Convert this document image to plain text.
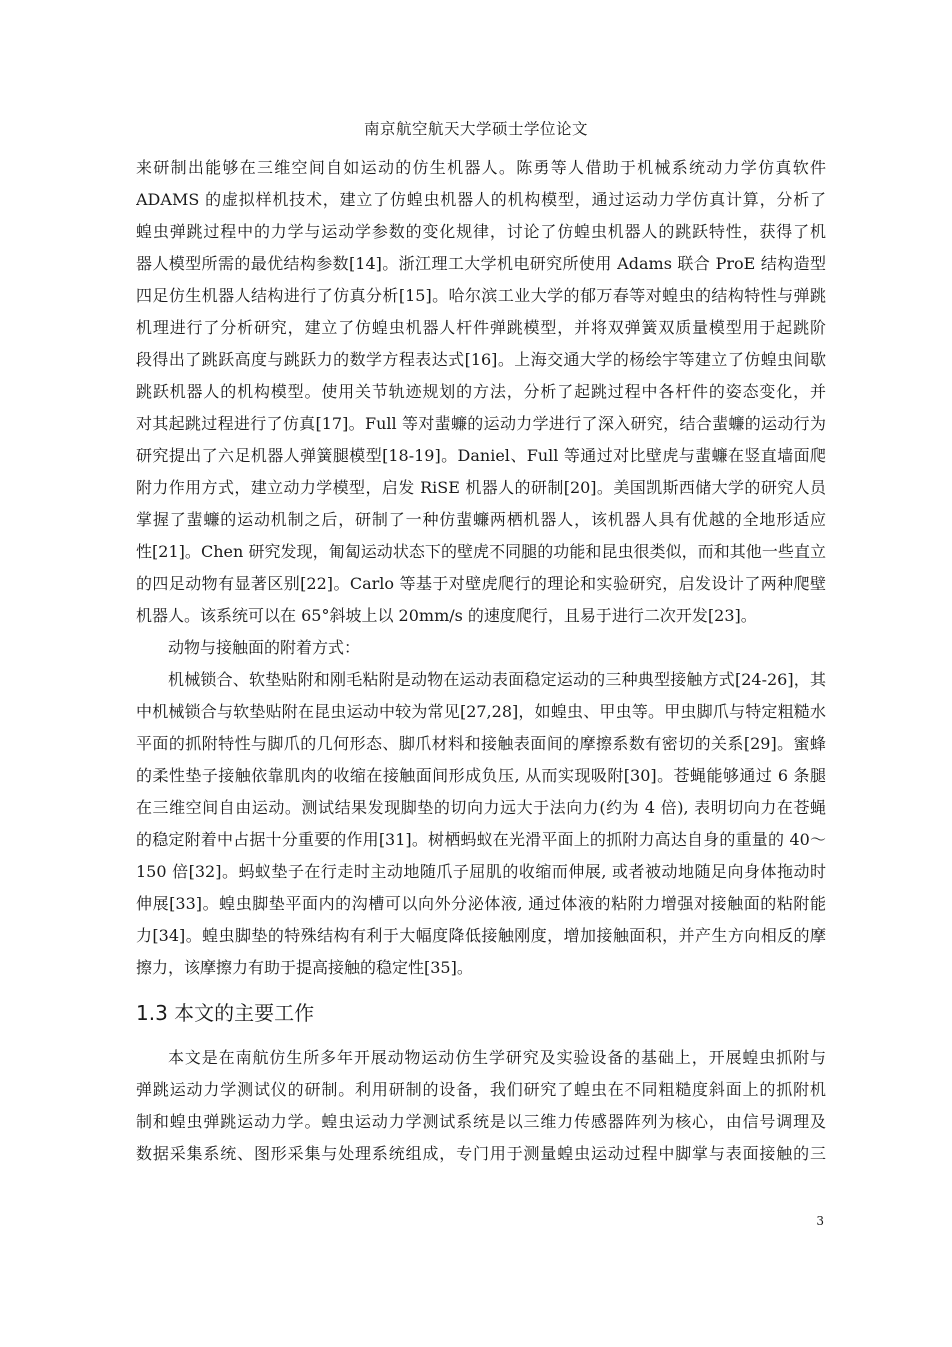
南京航空航天大学硕士学位论文
来研制出能够在三维空间自如运动的仿生机器人。陈勇等人借助于机械系统动力学仿真软件
ADAMS 的虚拟样机技术，建立了仿蝗虫机器人的机构模型，通过运动力学仿真计算，分析了
蝗虫弹跳过程中的力学与运动学参数的变化规律，讨论了仿蝗虫机器人的跳跃特性，获得了机
器人模型所需的最优结构参数[14]。浙江理工大学机电研究所使用 Adams 联合 ProE 结构造型
四足仿生机器人结构进行了仿真分析[15]。哈尔滨工业大学的郁万春等对蝗虫的结构特性与弹跳
机理进行了分析研究，建立了仿蝗虫机器人杆件弹跳模型，并将双弹簧双质量模型用于起跳阶
段得出了跳跃高度与跳跃力的数学方程表达式[16]。上海交通大学的杨绘宇等建立了仿蝗虫间歇
跳跃机器人的机构模型。使用关节轨迹规划的方法，分析了起跳过程中各杆件的姿态变化，并
对其起跳过程进行了仿真[17]。Full 等对蜚蠊的运动力学进行了深入研究，结合蜚蠊的运动行为
研究提出了六足机器人弹簧腿模型[18-19]。Daniel、Full 等通过对比壁虎与蜚蠊在竖直墙面爬
附力作用方式，建立动力学模型，启发 RiSE 机器人的研制[20]。美国凯斯西储大学的研究人员
掌握了蜚蠊的运动机制之后，研制了一种仿蜚蠊两栖机器人，该机器人具有优越的全地形适应
性[21]。Chen 研究发现，匍匐运动状态下的壁虎不同腿的功能和昆虫很类似，而和其他一些直立
的四足动物有显著区别[22]。Carlo 等基于对壁虎爬行的理论和实验研究，启发设计了两种爬壁
机器人。该系统可以在 65°斜坡上以 20mm/s 的速度爬行，且易于进行二次开发[23]。
动物与接触面的附着方式：
机械锁合、软垫贴附和刚毛粘附是动物在运动表面稳定运动的三种典型接触方式[24-26]，其
中机械锁合与软垫贴附在昆虫运动中较为常见[27,28]，如蝗虫、甲虫等。甲虫脚爪与特定粗糙水
平面的抓附特性与脚爪的几何形态、脚爪材料和接触表面间的摩擦系数有密切的关系[29]。蜜蜂
的柔性垫子接触依靠肌肉的收缩在接触面间形成负压, 从而实现吸附[30]。苍蝇能够通过 6 条腿
在三维空间自由运动。测试结果发现脚垫的切向力远大于法向力(约为 4 倍), 表明切向力在苍蝇
的稳定附着中占据十分重要的作用[31]。树栖蚂蚁在光滑平面上的抓附力高达自身的重量的 40～
150 倍[32]。蚂蚁垫子在行走时主动地随爪子屈肌的收缩而伸展, 或者被动地随足向身体拖动时
伸展[33]。蝗虫脚垫平面内的沟槽可以向外分泌体液, 通过体液的粘附力增强对接触面的粘附能
力[34]。蝗虫脚垫的特殊结构有利于大幅度降低接触刚度，增加接触面积，并产生方向相反的摩
擦力，该摩擦力有助于提高接触的稳定性[35]。
1.3 本文的主要工作
本文是在南航仿生所多年开展动物运动仿生学研究及实验设备的基础上，开展蝗虫抓附与
弹跳运动力学测试仪的研制。利用研制的设备，我们研究了蝗虫在不同粗糙度斜面上的抓附机
制和蝗虫弹跳运动力学。蝗虫运动力学测试系统是以三维力传感器阵列为核心，由信号调理及
数据采集系统、图形采集与处理系统组成，专门用于测量蝗虫运动过程中脚掌与表面接触的三
3
